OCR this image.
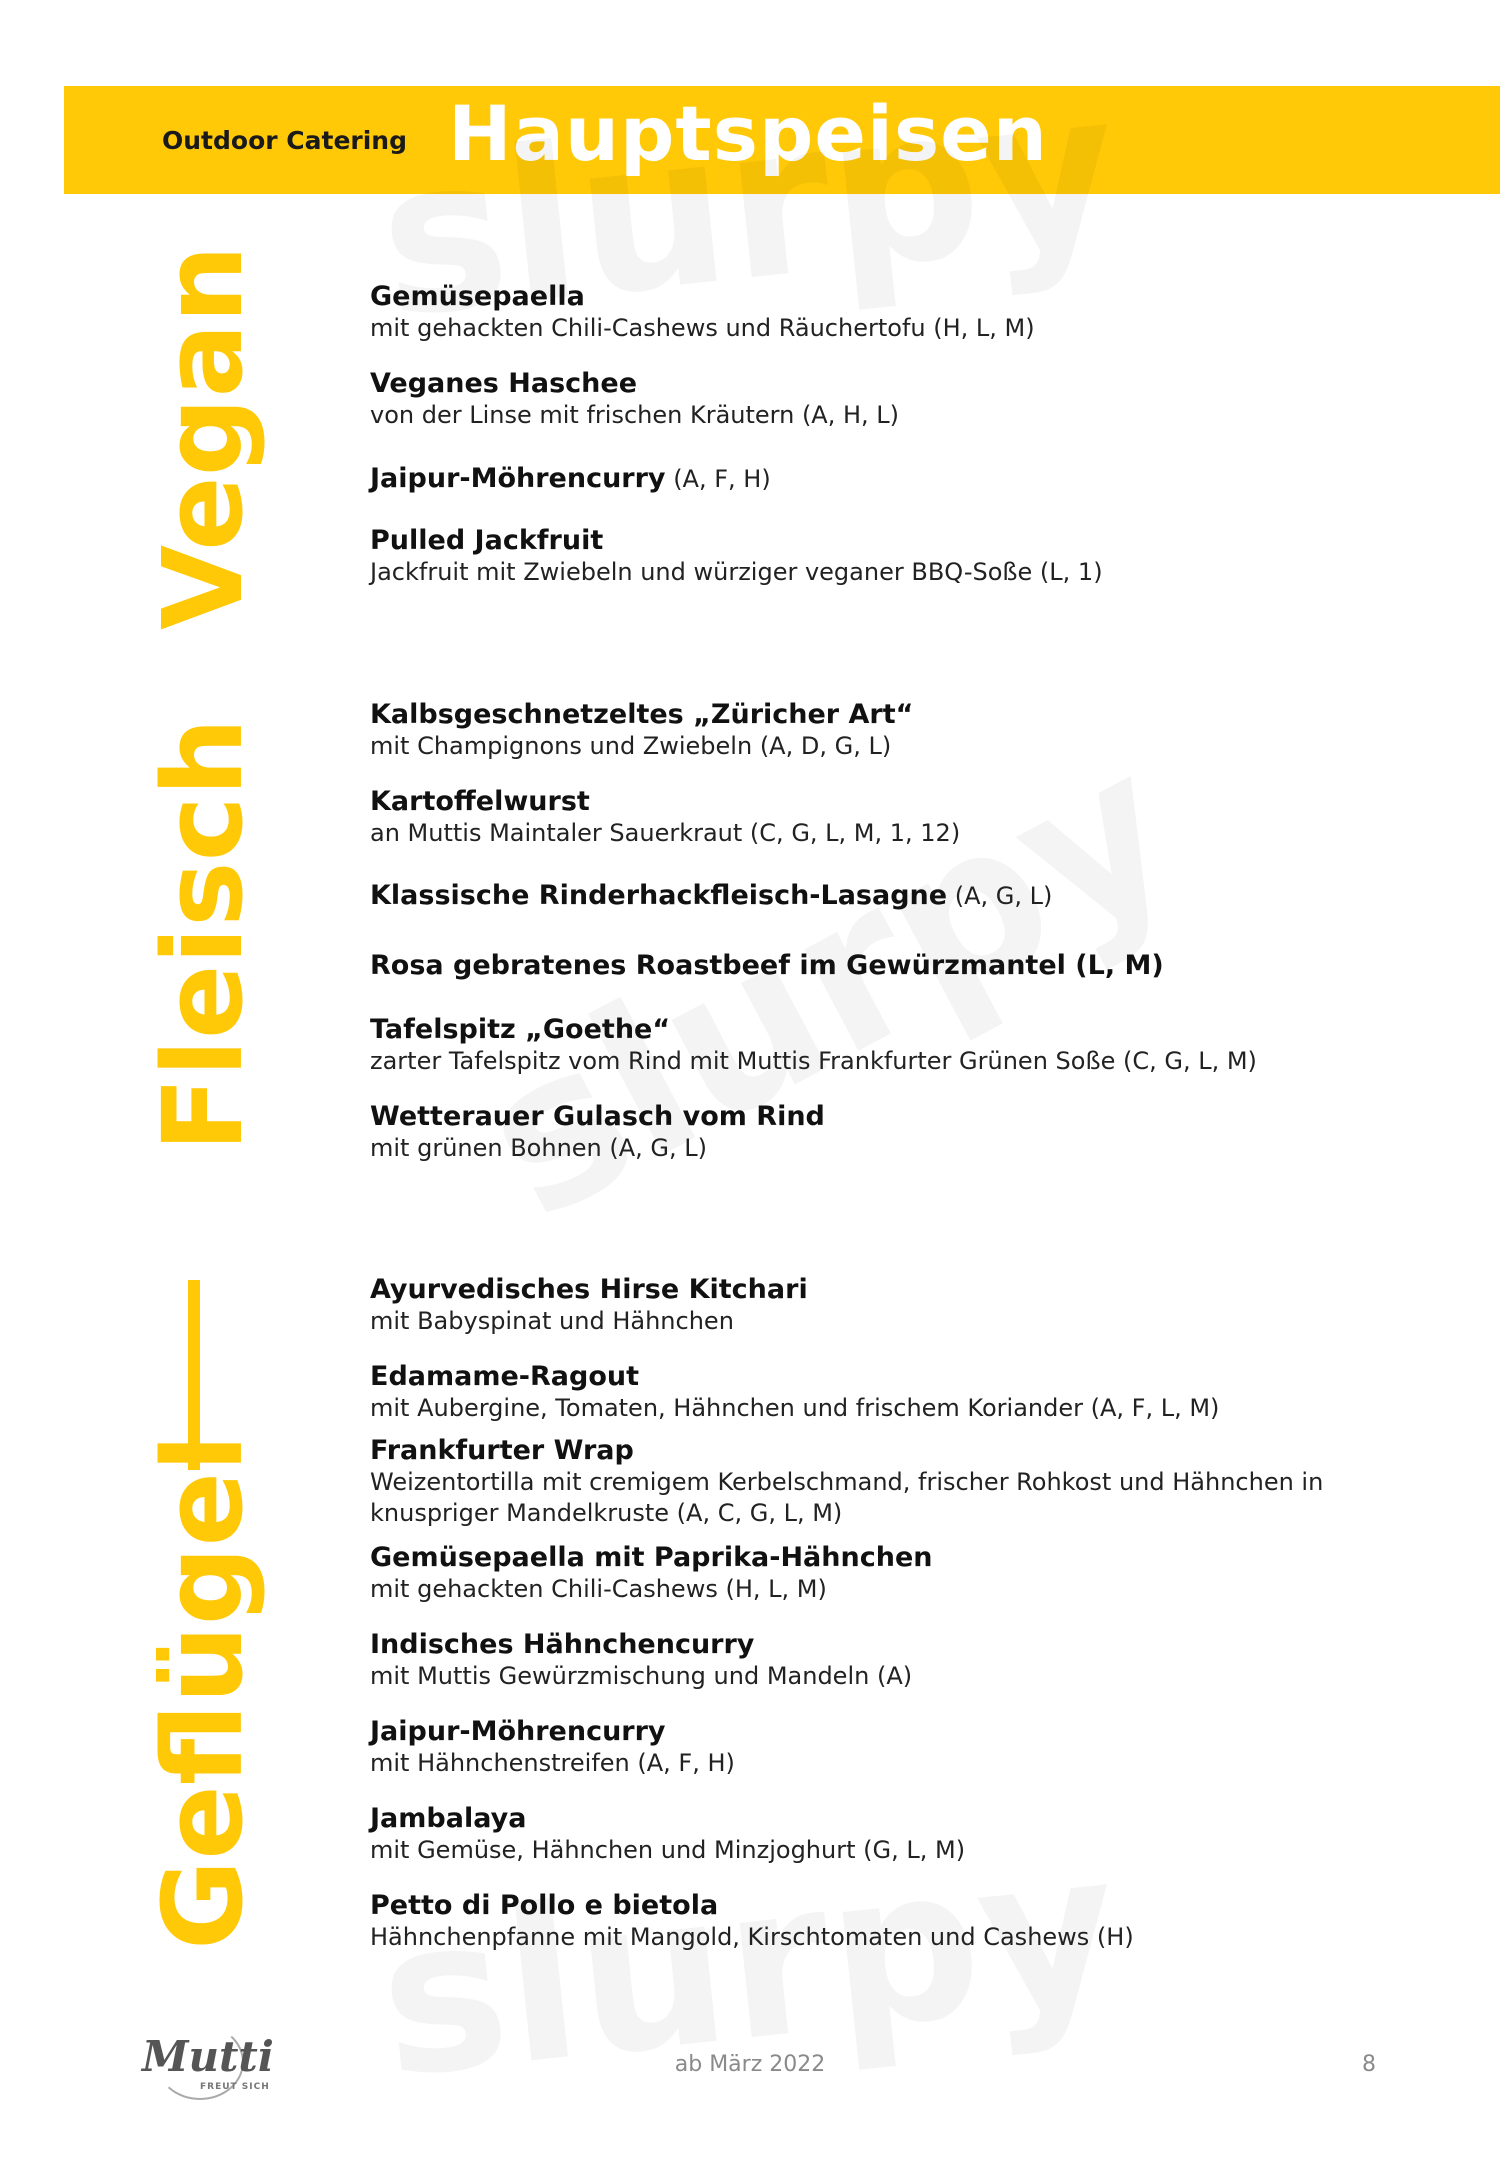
Outdoor Catering Hauptspeisen
Vegan
Fleisch
Geflügel
Gemüsepaella
mit gehackten Chili-Cashews und Räuchertofu (H, L, M)
Veganes Haschee
von der Linse mit frischen Kräutern (A, H, L)
Jaipur-Möhrencurry (A, F, H)
Pulled Jackfruit
Jackfruit mit Zwiebeln und würziger veganer BBQ-Soße (L, 1)
Kalbsgeschnetzeltes „Züricher Art“
mit Champignons und Zwiebeln (A, D, G, L)
Kartoffelwurst
an Muttis Maintaler Sauerkraut (C, G, L, M, 1, 12)
Klassische Rinderhackfleisch-Lasagne (A, G, L)
Rosa gebratenes Roastbeef im Gewürzmantel (L, M)
Tafelspitz „Goethe“
zarter Tafelspitz vom Rind mit Muttis Frankfurter Grünen Soße (C, G, L, M)
Wetterauer Gulasch vom Rind
mit grünen Bohnen (A, G, L)
Ayurvedisches Hirse Kitchari
mit Babyspinat und Hähnchen
Edamame-Ragout
mit Aubergine, Tomaten, Hähnchen und frischem Koriander (A, F, L, M)
Frankfurter Wrap
Weizentortilla mit cremigem Kerbelschmand, frischer Rohkost und Hähnchen in knuspriger Mandelkruste (A, C, G, L, M)
Gemüsepaella mit Paprika-Hähnchen
mit gehackten Chili-Cashews (H, L, M)
Indisches Hähnchencurry
mit Muttis Gewürzmischung und Mandeln (A)
Jaipur-Möhrencurry
mit Hähnchenstreifen (A, F, H)
Jambalaya
mit Gemüse, Hähnchen und Minzjoghurt (G, L, M)
Petto di Pollo e bietola
Hähnchenpfanne mit Mangold, Kirschtomaten und Cashews (H)
Mutti
FREUT SICH
ab März 2022	8
